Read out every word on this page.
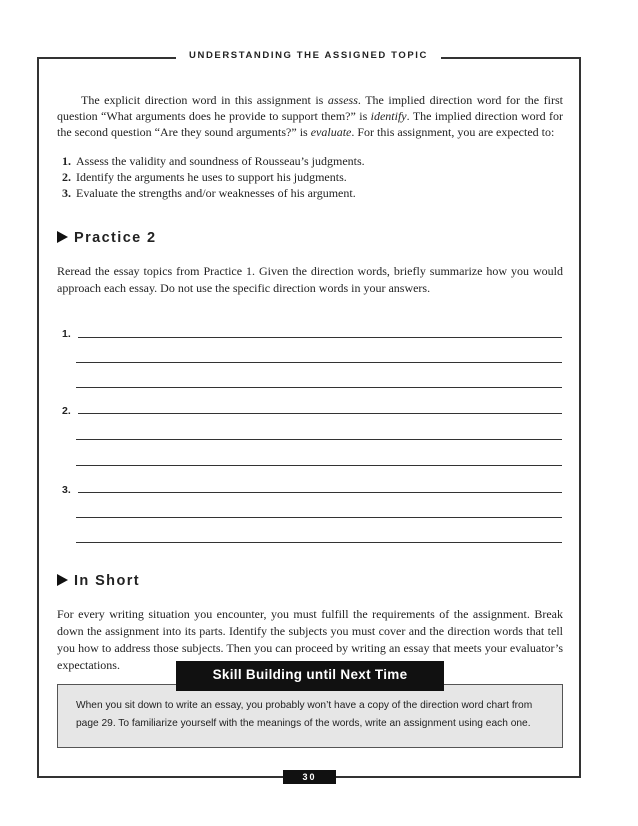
UNDERSTANDING THE ASSIGNED TOPIC
The explicit direction word in this assignment is assess. The implied direction word for the first question “What arguments does he provide to support them?” is identify. The implied direction word for the second question “Are they sound arguments?” is evaluate. For this assignment, you are expected to:
1. Assess the validity and soundness of Rousseau’s judgments.
2. Identify the arguments he uses to support his judgments.
3. Evaluate the strengths and/or weaknesses of his argument.
Practice 2
Reread the essay topics from Practice 1. Given the direction words, briefly summarize how you would approach each essay. Do not use the specific direction words in your answers.
1.
2.
3.
In Short
For every writing situation you encounter, you must fulfill the requirements of the assignment. Break down the assignment into its parts. Identify the subjects you must cover and the direction words that tell you how to address those subjects. Then you can proceed by writing an essay that meets your evaluator’s expectations.
Skill Building until Next Time
When you sit down to write an essay, you probably won’t have a copy of the direction word chart from page 29. To familiarize yourself with the meanings of the words, write an assignment using each one.
30
